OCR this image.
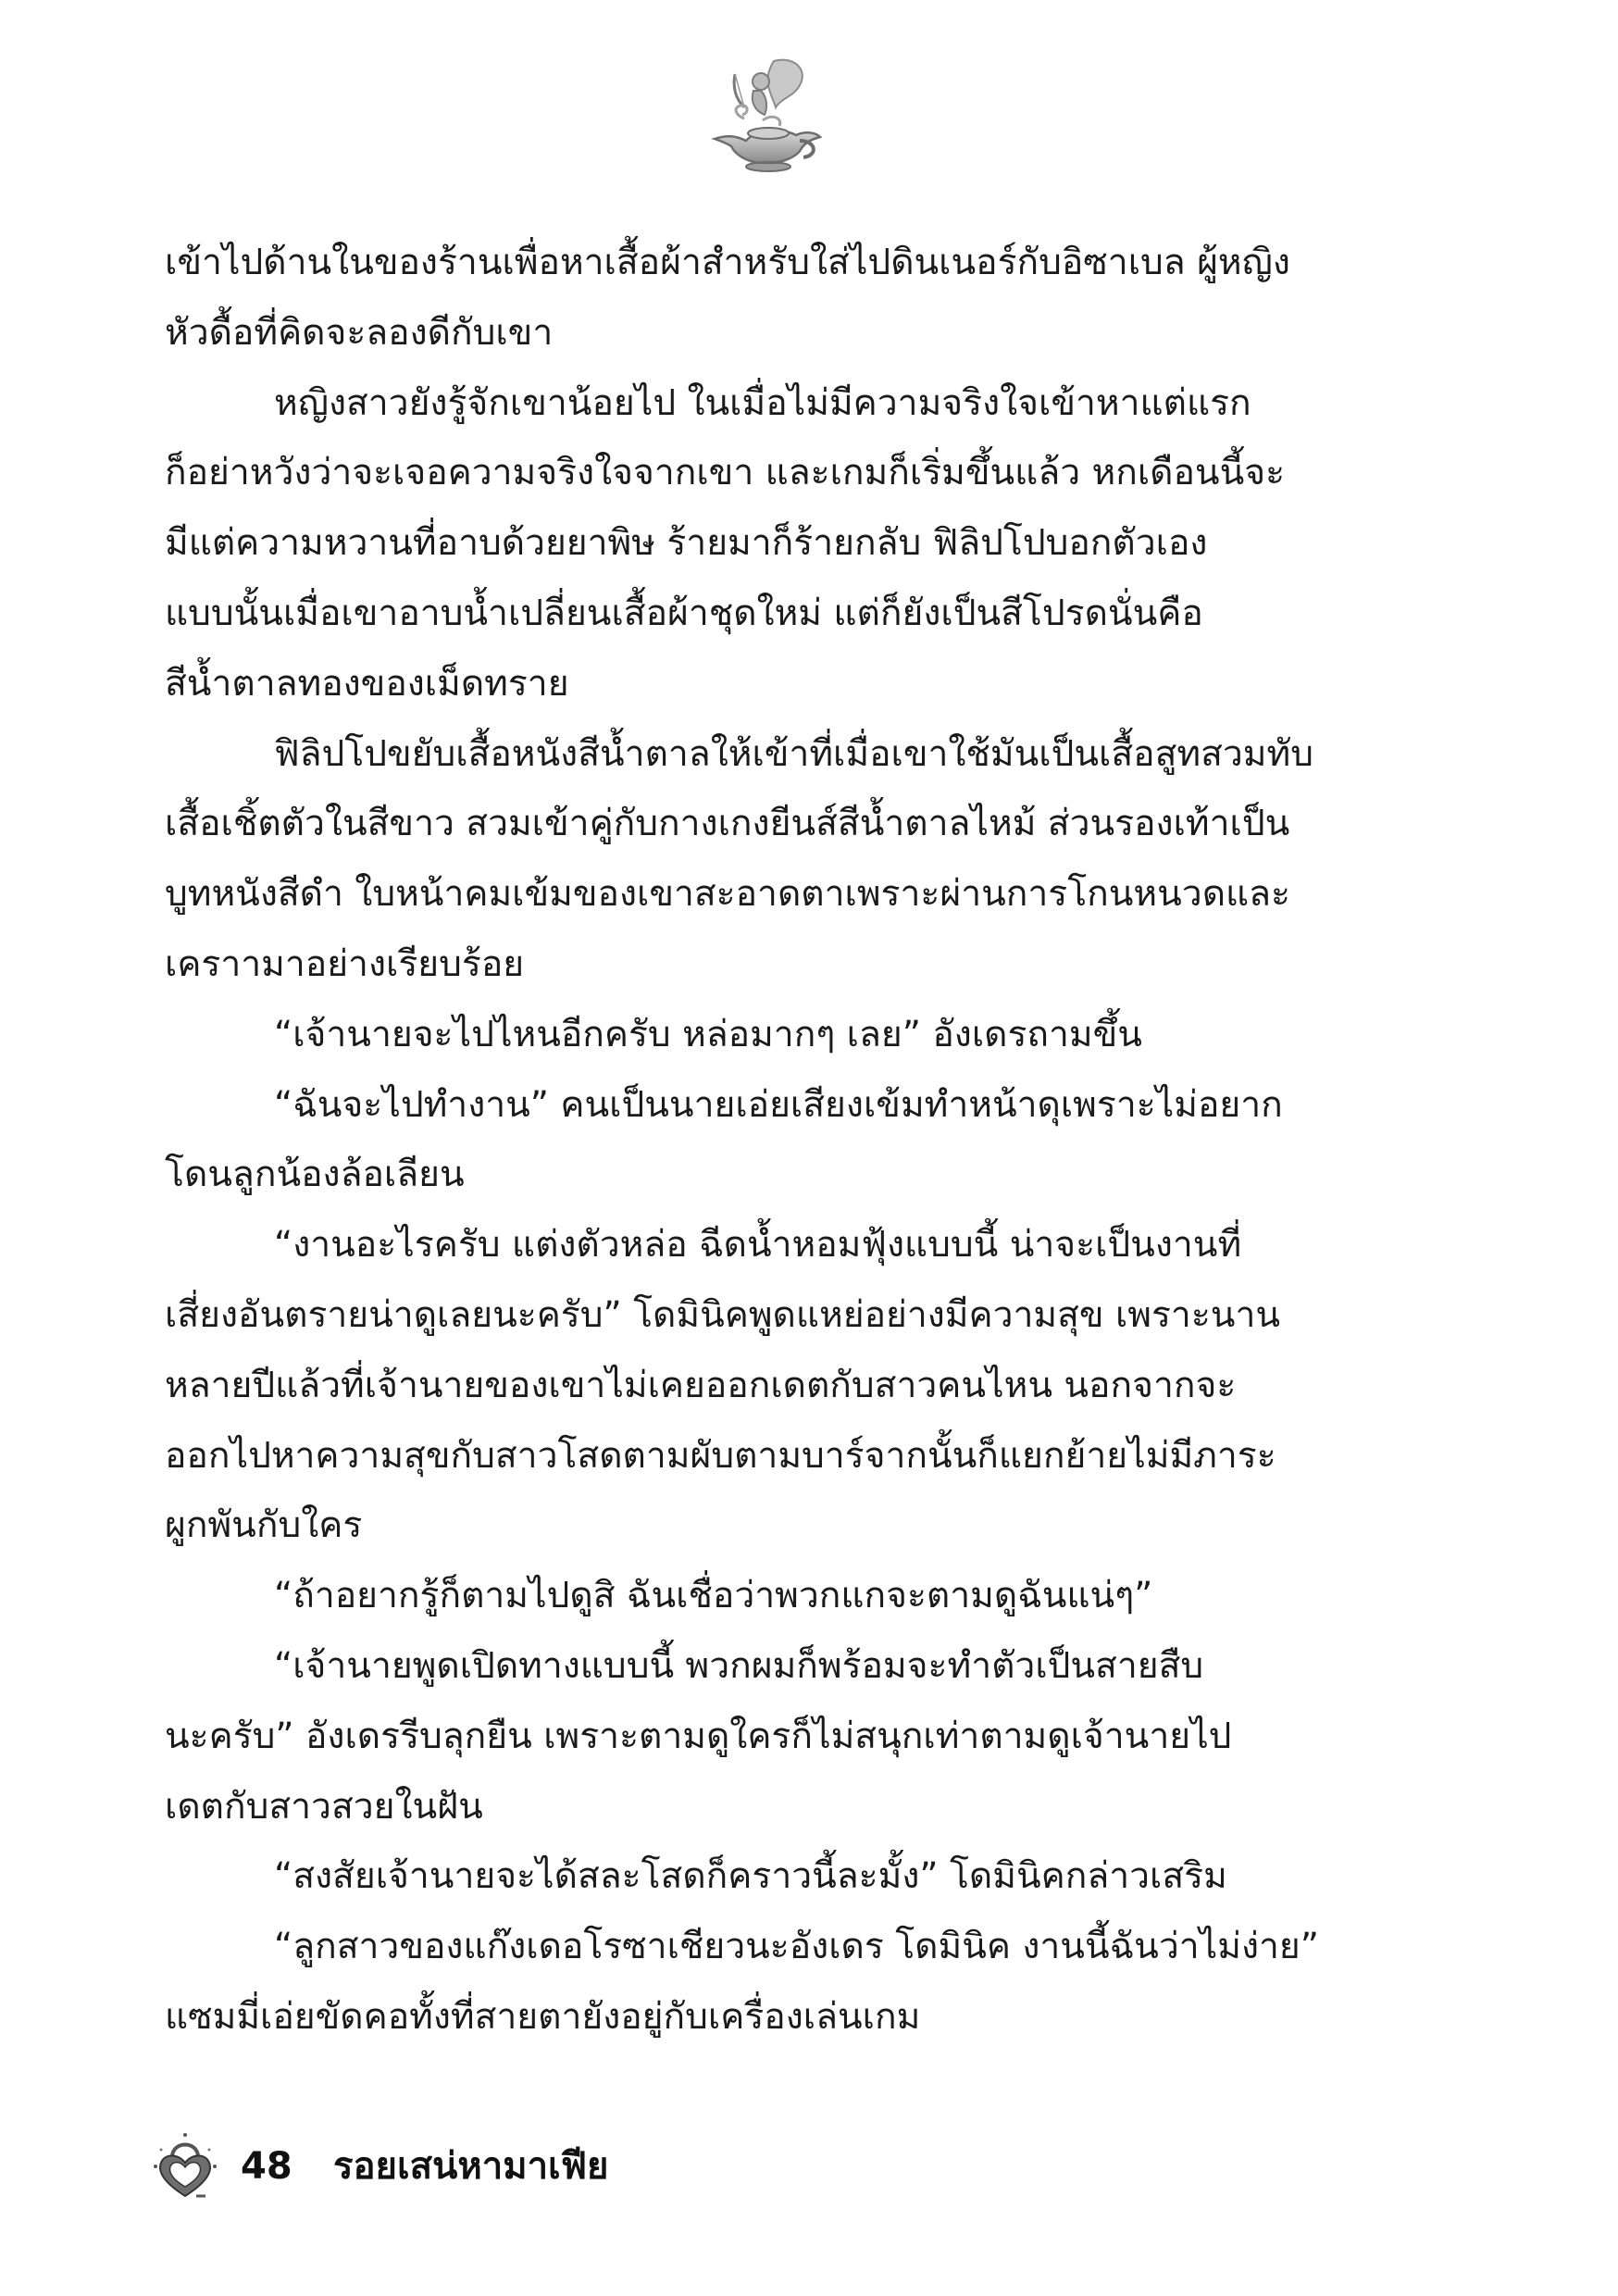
เข้าไปด้านในของร้านเพื่อหาเสื้อผ้าสำหรับใส่ไปดินเนอร์กับอิซาเบล ผู้หญิง
หัวดื้อที่คิดจะลองดีกับเขา
หญิงสาวยังรู้จักเขาน้อยไป ในเมื่อไม่มีความจริงใจเข้าหาแต่แรก
ก็อย่าหวังว่าจะเจอความจริงใจจากเขา และเกมก็เริ่มขึ้นแล้ว หกเดือนนี้จะ
มีแต่ความหวานที่อาบด้วยยาพิษ ร้ายมาก็ร้ายกลับ ฟิลิปโปบอกตัวเอง
แบบนั้นเมื่อเขาอาบน้ำเปลี่ยนเสื้อผ้าชุดใหม่ แต่ก็ยังเป็นสีโปรดนั่นคือ
สีน้ำตาลทองของเม็ดทราย
ฟิลิปโปขยับเสื้อหนังสีน้ำตาลให้เข้าที่เมื่อเขาใช้มันเป็นเสื้อสูทสวมทับ
เสื้อเชิ้ตตัวในสีขาว สวมเข้าคู่กับกางเกงยีนส์สีน้ำตาลไหม้ ส่วนรองเท้าเป็น
บูทหนังสีดำ ใบหน้าคมเข้มของเขาสะอาดตาเพราะผ่านการโกนหนวดและ
เคราามาอย่างเรียบร้อย
“เจ้านายจะไปไหนอีกครับ หล่อมากๆ เลย” อังเดรถามขึ้น
“ฉันจะไปทำงาน” คนเป็นนายเอ่ยเสียงเข้มทำหน้าดุเพราะไม่อยาก
โดนลูกน้องล้อเลียน
“งานอะไรครับ แต่งตัวหล่อ ฉีดน้ำหอมฟุ้งแบบนี้ น่าจะเป็นงานที่
เสี่ยงอันตรายน่าดูเลยนะครับ” โดมินิคพูดแหย่อย่างมีความสุข เพราะนาน
หลายปีแล้วที่เจ้านายของเขาไม่เคยออกเดตกับสาวคนไหน นอกจากจะ
ออกไปหาความสุขกับสาวโสดตามผับตามบาร์จากนั้นก็แยกย้ายไม่มีภาระ
ผูกพันกับใคร
“ถ้าอยากรู้ก็ตามไปดูสิ ฉันเชื่อว่าพวกแกจะตามดูฉันแน่ๆ”
“เจ้านายพูดเปิดทางแบบนี้ พวกผมก็พร้อมจะทำตัวเป็นสายสืบ
นะครับ” อังเดรรีบลุกยืน เพราะตามดูใครก็ไม่สนุกเท่าตามดูเจ้านายไป
เดตกับสาวสวยในฝัน
“สงสัยเจ้านายจะได้สละโสดก็คราวนี้ละมั้ง” โดมินิคกล่าวเสริม
“ลูกสาวของแก๊งเดอโรซาเชียวนะอังเดร โดมินิค งานนี้ฉันว่าไม่ง่าย”
แซมมี่เอ่ยขัดคอทั้งที่สายตายังอยู่กับเครื่องเล่นเกม
48 รอยเสน่หามาเฟีย
